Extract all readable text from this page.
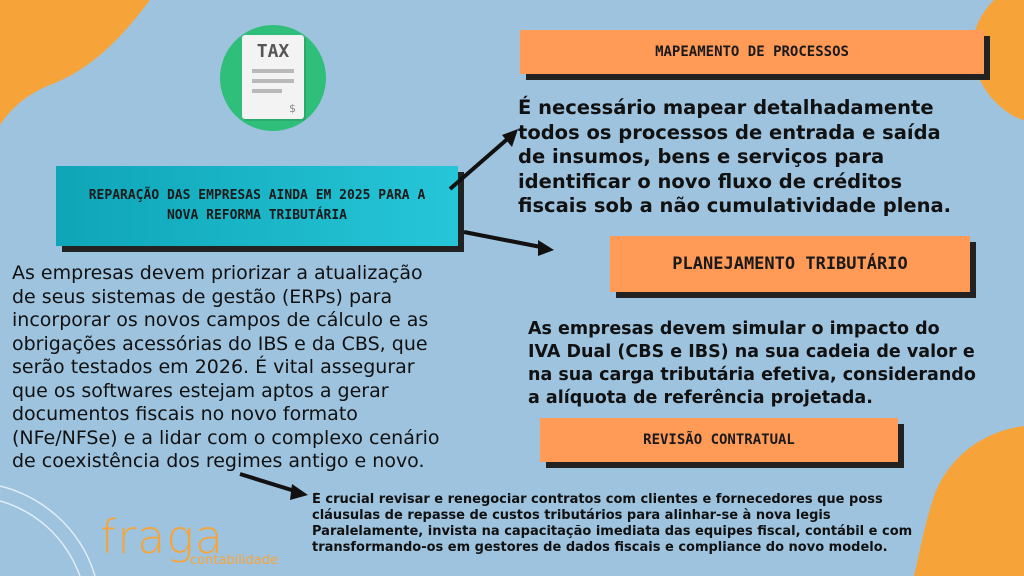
TAX
$
REPARAÇÃO DAS EMPRESAS AINDA EM 2025 PARA A
NOVA REFORMA TRIBUTÁRIA
As empresas devem priorizar a atualização
de seus sistemas de gestão (ERPs) para
incorporar os novos campos de cálculo e as
obrigações acessórias do IBS e da CBS, que
serão testados em 2026. É vital assegurar
que os softwares estejam aptos a gerar
documentos fiscais no novo formato
(NFe/NFSe) e a lidar com o complexo cenário
de coexistência dos regimes antigo e novo.
MAPEAMENTO DE PROCESSOS
É necessário mapear detalhadamente
todos os processos de entrada e saída
de insumos, bens e serviços para
identificar o novo fluxo de créditos
fiscais sob a não cumulatividade plena.
PLANEJAMENTO TRIBUTÁRIO
As empresas devem simular o impacto do
IVA Dual (CBS e IBS) na sua cadeia de valor e
na sua carga tributária efetiva, considerando
a alíquota de referência projetada.
REVISÃO CONTRATUAL
É crucial revisar e renegociar contratos com clientes e fornecedores que poss
cláusulas de repasse de custos tributários para alinhar-se à nova legis
Paralelamente, invista na capacitação imediata das equipes fiscal, contábil e com
transformando-os em gestores de dados fiscais e compliance do novo modelo.
fraga
contabilidade
